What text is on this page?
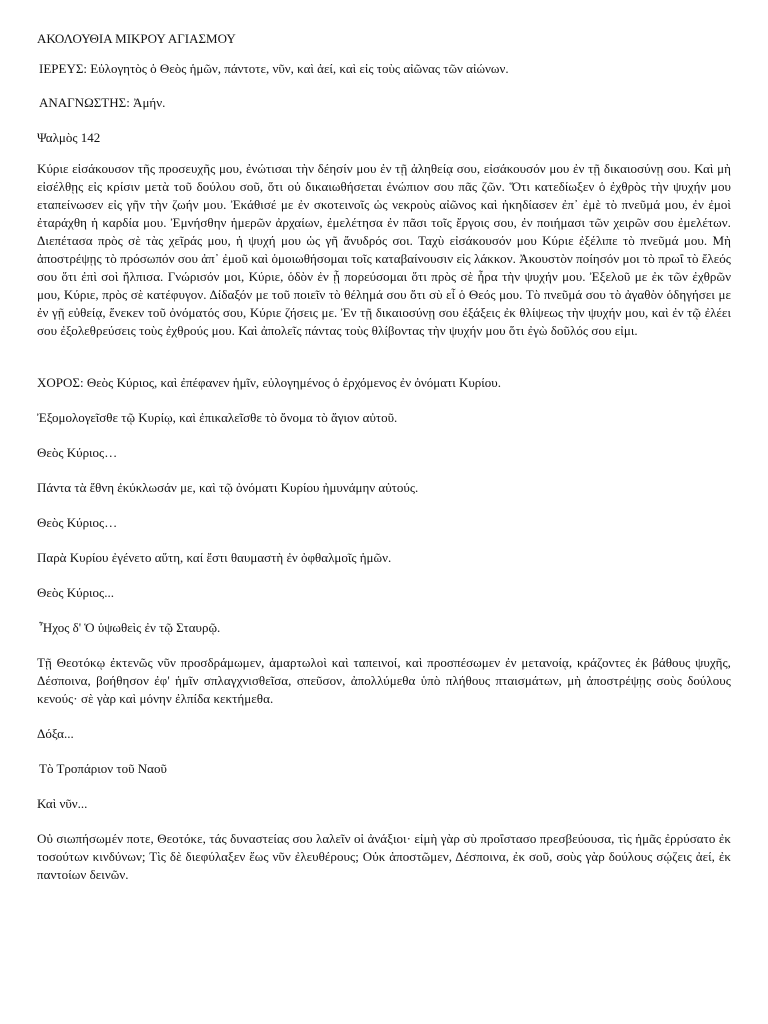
ΑΚΟΛΟΥΘΙΑ ΜΙΚΡΟΥ ΑΓΙΑΣΜΟΥ

ΙΕΡΕΥΣ: Εὐλογητὸς ὁ Θεὸς ἡμῶν, πάντοτε, νῦν, καὶ ἀεί, καὶ εἰς τοὺς αἰῶνας τῶν αἰώνων.

ΑΝΑΓΝΩΣΤΗΣ: Ἀμήν.

Ψαλμὸς 142

Κύριε εἰσάκουσον τῆς προσευχῆς μου, ἐνώτισαι τὴν δέησίν μου ἐν τῇ ἀληθείᾳ σου, εἰσάκουσόν μου ἐν τῇ δικαιοσύνῃ σου. Καὶ μὴ εἰσέλθῃς εἰς κρίσιν μετὰ τοῦ δούλου σοῦ, ὅτι οὐ δικαιωθήσεται ἐνώπιον σου πᾶς ζῶν. Ὅτι κατεδίωξεν ὁ ἐχθρὸς τὴν ψυχήν μου εταπείνωσεν εἰς γῆν τὴν ζωήν μου. Ἐκάθισέ με ἐν σκοτεινοῖς ὡς νεκροὺς αἰῶνος καὶ ἠκηδίασεν ἐπ᾽ ἐμὲ τὸ πνεῦμά μου, ἐν ἐμοὶ ἐταράχθη ἡ καρδία μου. Ἐμνήσθην ἡμερῶν ἀρχαίων, ἐμελέτησα ἐν πᾶσι τοῖς ἔργοις σου, ἐν ποιήμασι τῶν χειρῶν σου ἐμελέτων. Διεπέτασα πρὸς σὲ τὰς χεῖράς μου, ἡ ψυχή μου ὡς γῆ ἄνυδρός σοι. Ταχὺ εἰσάκουσόν μου Κύριε ἐξέλιπε τὸ πνεῦμά μου. Μὴ ἀποστρέψῃς τὸ πρόσωπόν σου ἀπ᾽ ἐμοῦ καὶ ὁμοιωθήσομαι τοῖς καταβαίνουσιν εἰς λάκκον. Ἀκουστὸν ποίησόν μοι τὸ πρωΐ τὸ ἔλεός σου ὅτι ἐπὶ σοὶ ἤλπισα. Γνώρισόν μοι, Κύριε, ὁδὸν ἐν ᾗ πορεύσομαι ὅτι πρὸς σὲ ἦρα τὴν ψυχήν μου. Ἐξελοῦ με ἐκ τῶν ἐχθρῶν μου, Κύριε, πρὸς σὲ κατέφυγον. Δίδαξόν με τοῦ ποιεῖν τὸ θέλημά σου ὅτι σὺ εἶ ὁ Θεός μου. Τὸ πνεῦμά σου τὸ ἀγαθὸν ὁδηγήσει με ἐν γῇ εὐθείᾳ, ἕνεκεν τοῦ ὀνόματός σου, Κύριε ζήσεις με. Ἐν τῇ δικαιοσύνῃ σου ἐξάξεις ἐκ θλίψεως τὴν ψυχήν μου, καὶ ἐν τῷ ἐλέει σου ἐξολεθρεύσεις τοὺς ἐχθρούς μου. Καὶ ἀπολεῖς πάντας τοὺς θλίβοντας τὴν ψυχήν μου ὅτι ἐγὼ δοῦλός σου εἰμι.

ΧΟΡΟΣ: Θεὸς Κύριος, καὶ ἐπέφανεν ἡμῖν, εὐλογημένος ὁ ἐρχόμενος ἐν ὀνόματι Κυρίου.

Ἐξομολογεῖσθε τῷ Κυρίῳ, καὶ ἐπικαλεῖσθε τὸ ὄνομα τὸ ἅγιον αὐτοῦ.

Θεὸς Κύριος…

Πάντα τὰ ἔθνη ἐκύκλωσάν με, καὶ τῷ ὀνόματι Κυρίου ἠμυνάμην αὐτούς.

Θεὸς Κύριος…

Παρὰ Κυρίου ἐγένετο αὕτη, καί ἔστι θαυμαστὴ ἐν ὀφθαλμοῖς ἡμῶν.

Θεὸς Κύριος...

Ἦχος δ' Ὁ ὑψωθεὶς ἐν τῷ Σταυρῷ.

Τῇ Θεοτόκῳ ἐκτενῶς νῦν προσδράμωμεν, ἁμαρτωλοὶ καὶ ταπεινοί, καὶ προσπέσωμεν ἐν μετανοίᾳ, κράζοντες ἐκ βάθους ψυχῆς, Δέσποινα, βοήθησον ἐφ' ἡμῖν σπλαγχνισθεῖσα, σπεῦσον, ἀπολλύμεθα ὑπὸ πλήθους πταισμάτων, μὴ ἀποστρέψῃς σοὺς δούλους κενούς· σὲ γὰρ καὶ μόνην ἐλπίδα κεκτήμεθα.

Δόξα...

Τὸ Τροπάριον τοῦ Ναοῦ

Καὶ νῦν...

Οὐ σιωπήσωμέν ποτε, Θεοτόκε, τάς δυναστείας σου λαλεῖν οἱ ἀνάξιοι· εἰμὴ γὰρ σὺ προΐστασο πρεσβεύουσα, τὶς ἡμᾶς ἐρρύσατο ἐκ τοσούτων κινδύνων; Τὶς δὲ διεφύλαξεν ἕως νῦν ἐλευθέρους; Οὐκ ἀποστῶμεν, Δέσποινα, ἐκ σοῦ, σοὺς γὰρ δούλους σῴζεις ἀεί, ἐκ παντοίων δεινῶν.
